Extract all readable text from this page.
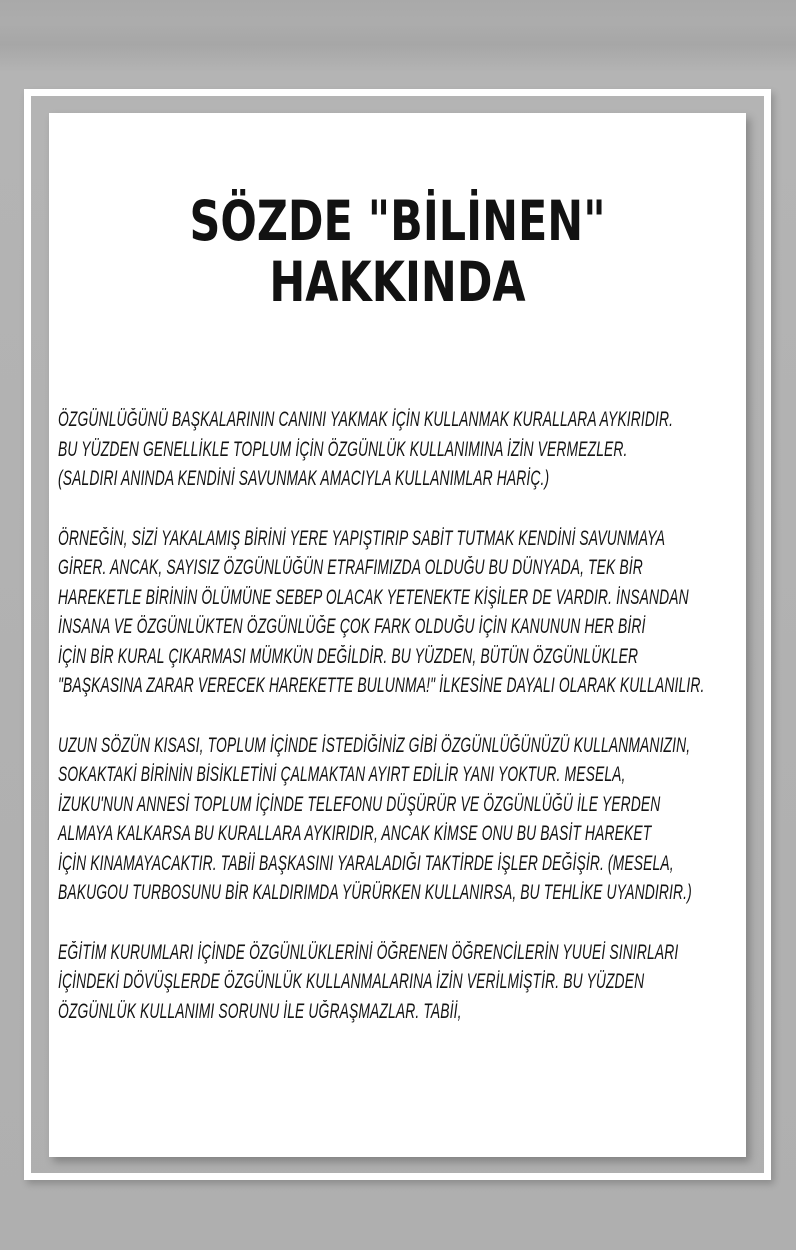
SÖZDE "BİLİNEN"
HAKKINDA

ÖZGÜNLÜĞÜNÜ BAŞKALARININ CANINI YAKMAK İÇİN KULLANMAK KURALLARA AYKIRIDIR.
BU YÜZDEN GENELLİKLE TOPLUM İÇİN ÖZGÜNLÜK KULLANIMINA İZİN VERMEZLER.
(SALDIRI ANINDA KENDİNİ SAVUNMAK AMACIYLA KULLANIMLAR HARİÇ.)

ÖRNEĞİN, SİZİ YAKALAMIŞ BİRİNİ YERE YAPIŞTIRIP SABİT TUTMAK KENDİNİ SAVUNMAYA
GİRER. ANCAK, SAYISIZ ÖZGÜNLÜĞÜN ETRAFIMIZDA OLDUĞU BU DÜNYADA, TEK BİR
HAREKETLE BİRİNİN ÖLÜMÜNE SEBEP OLACAK YETENEKTE KİŞİLER DE VARDIR. İNSANDAN
İNSANA VE ÖZGÜNLÜKTEN ÖZGÜNLÜĞE ÇOK FARK OLDUĞU İÇİN KANUNUN HER BİRİ
İÇİN BİR KURAL ÇIKARMASI MÜMKÜN DEĞİLDİR. BU YÜZDEN, BÜTÜN ÖZGÜNLÜKLER
"BAŞKASINA ZARAR VERECEK HAREKETTE BULUNMA!" İLKESİNE DAYALI OLARAK KULLANILIR.

UZUN SÖZÜN KISASI, TOPLUM İÇİNDE İSTEDİĞİNİZ GİBİ ÖZGÜNLÜĞÜNÜZÜ KULLANMANIZIN,
SOKAKTAKİ BİRİNİN BİSİKLETİNİ ÇALMAKTAN AYIRT EDİLİR YANI YOKTUR. MESELA,
İZUKU'NUN ANNESİ TOPLUM İÇİNDE TELEFONU DÜŞÜRÜR VE ÖZGÜNLÜĞÜ İLE YERDEN
ALMAYA KALKARSA BU KURALLARA AYKIRIDIR, ANCAK KİMSE ONU BU BASİT HAREKET
İÇİN KINAMAYACAKTIR. TABİİ BAŞKASINI YARALADIĞI TAKTİRDE İŞLER DEĞİŞİR. (MESELA,
BAKUGOU TURBOSUNU BİR KALDIRIMDA YÜRÜRKEN KULLANIRSA, BU TEHLİKE UYANDIRIR.)

EĞİTİM KURUMLARI İÇİNDE ÖZGÜNLÜKLERİNİ ÖĞRENEN ÖĞRENCİLERİN YUUEİ SINIRLARI
İÇİNDEKİ DÖVÜŞLERDE ÖZGÜNLÜK KULLANMALARINA İZİN VERİLMİŞTİR. BU YÜZDEN
ÖZGÜNLÜK KULLANIMI SORUNU İLE UĞRAŞMAZLAR. TABİİ,
